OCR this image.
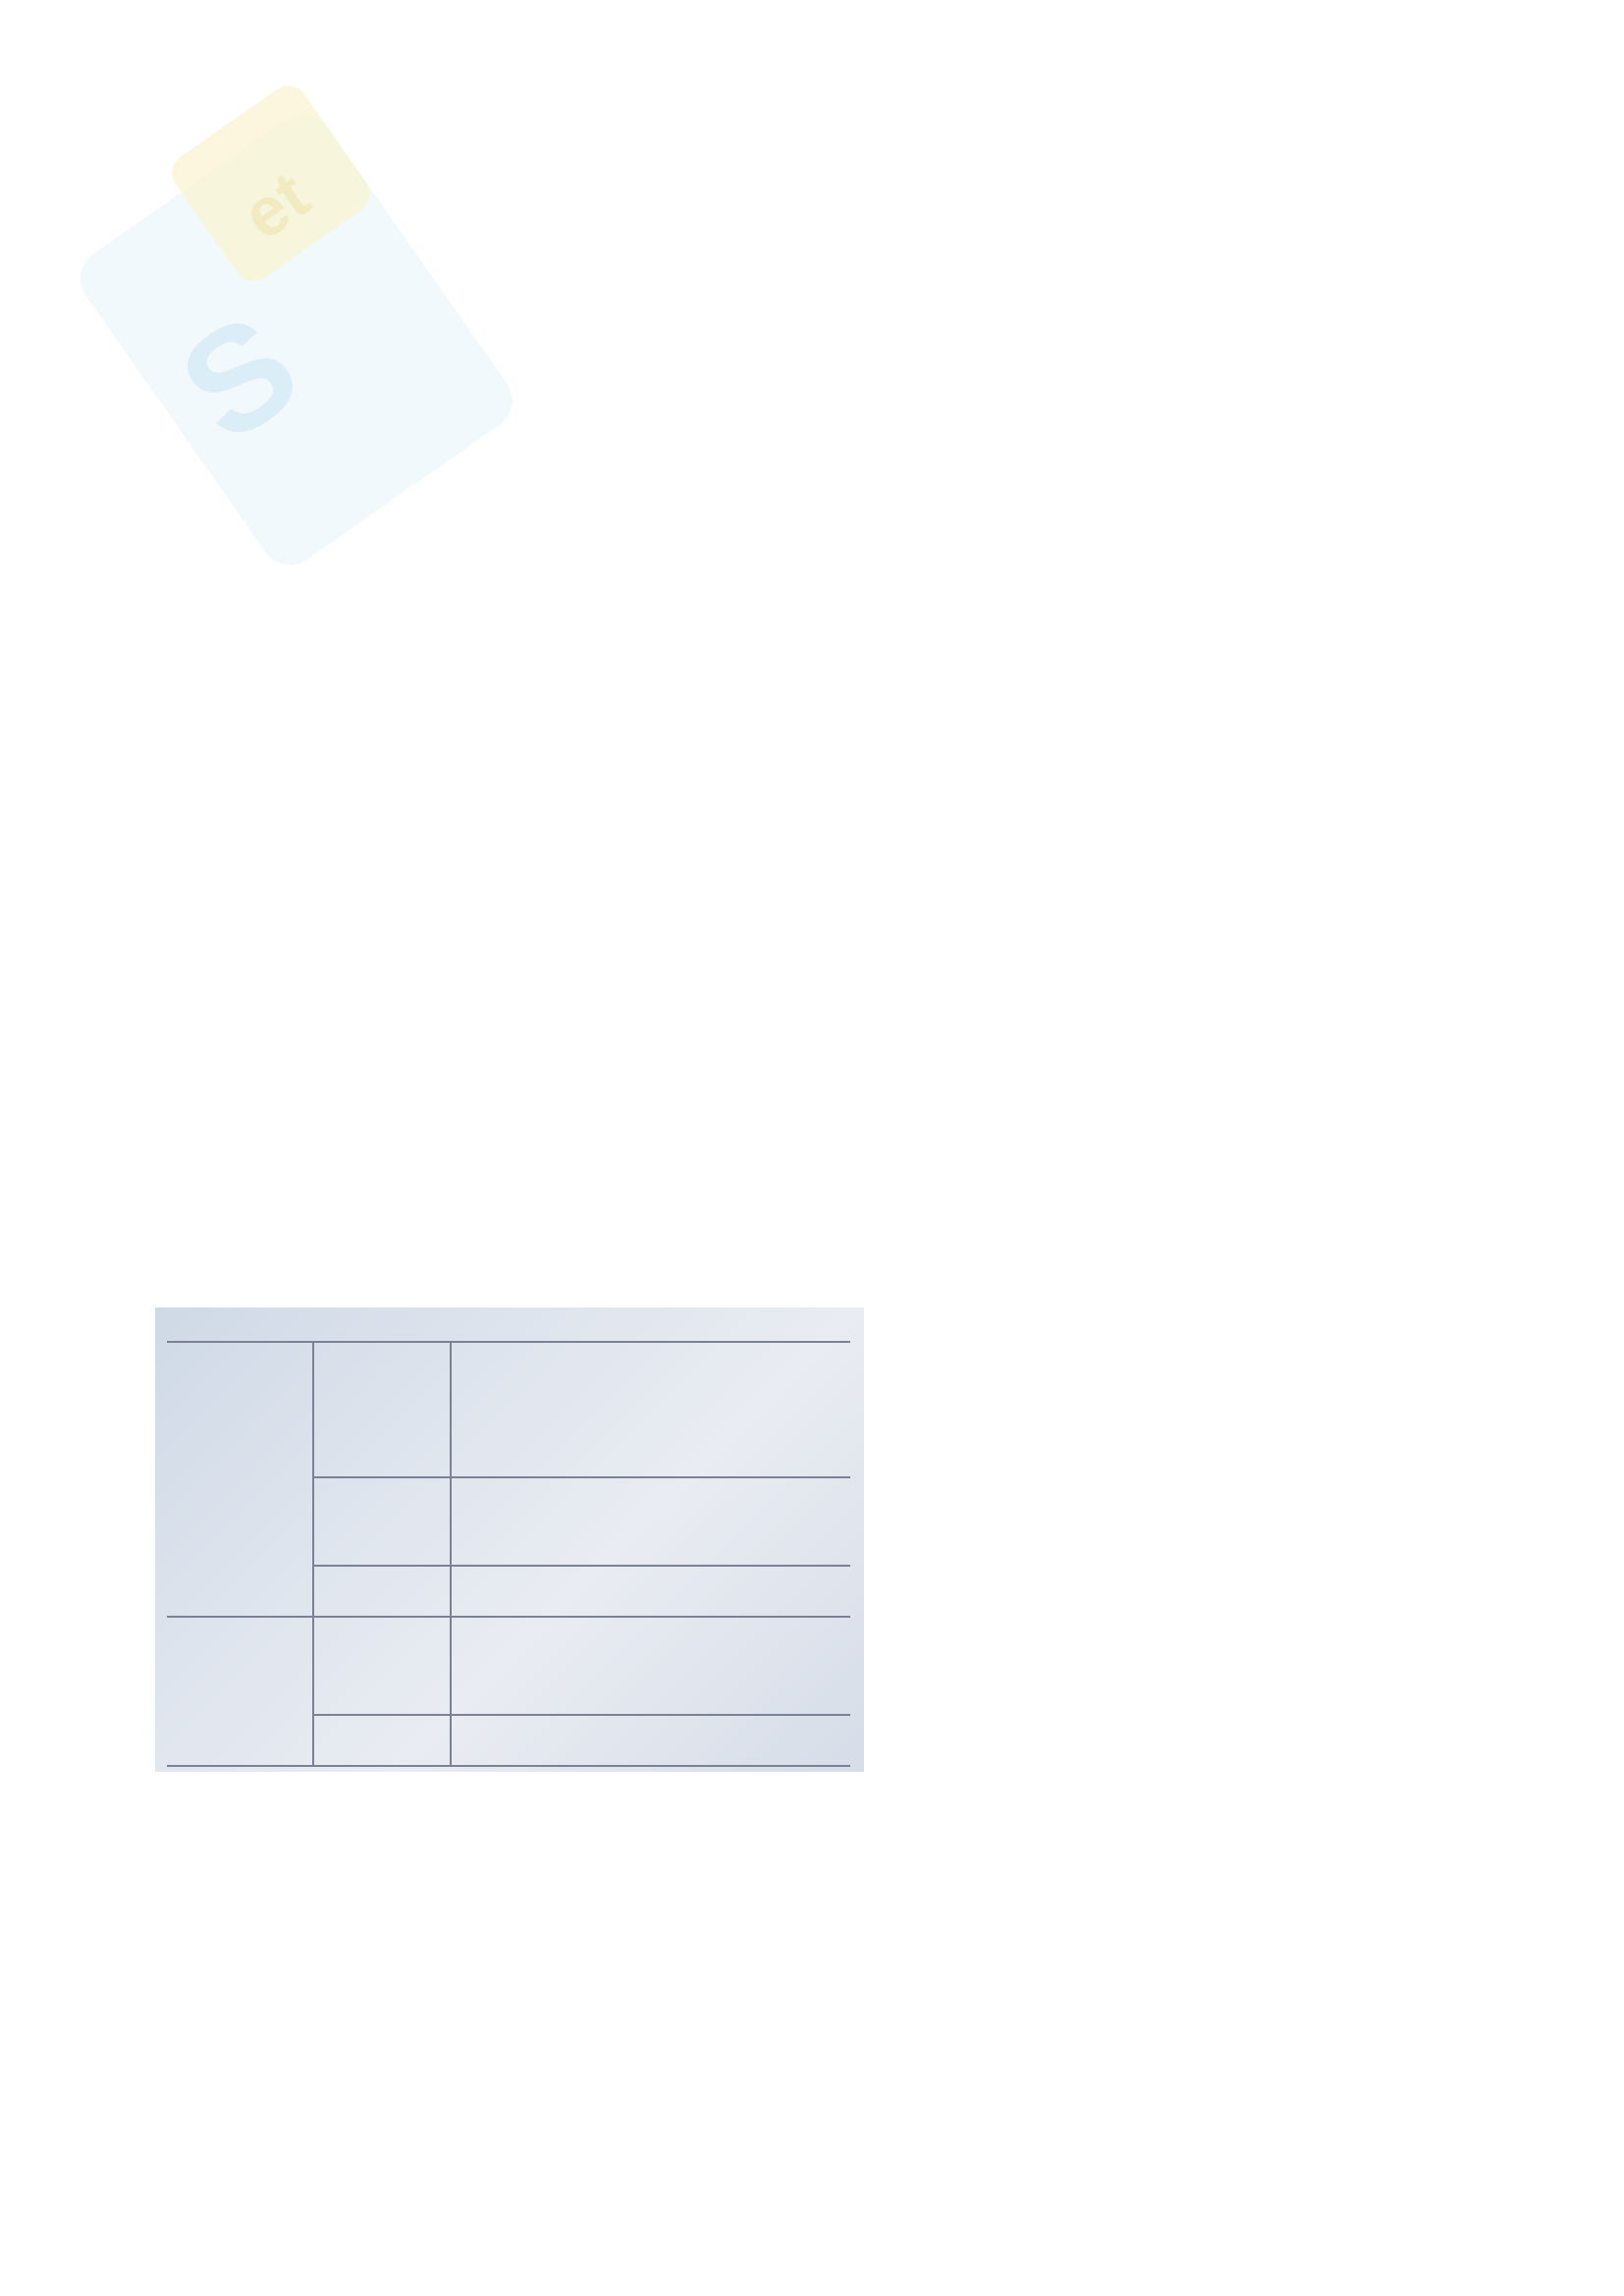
S
et
